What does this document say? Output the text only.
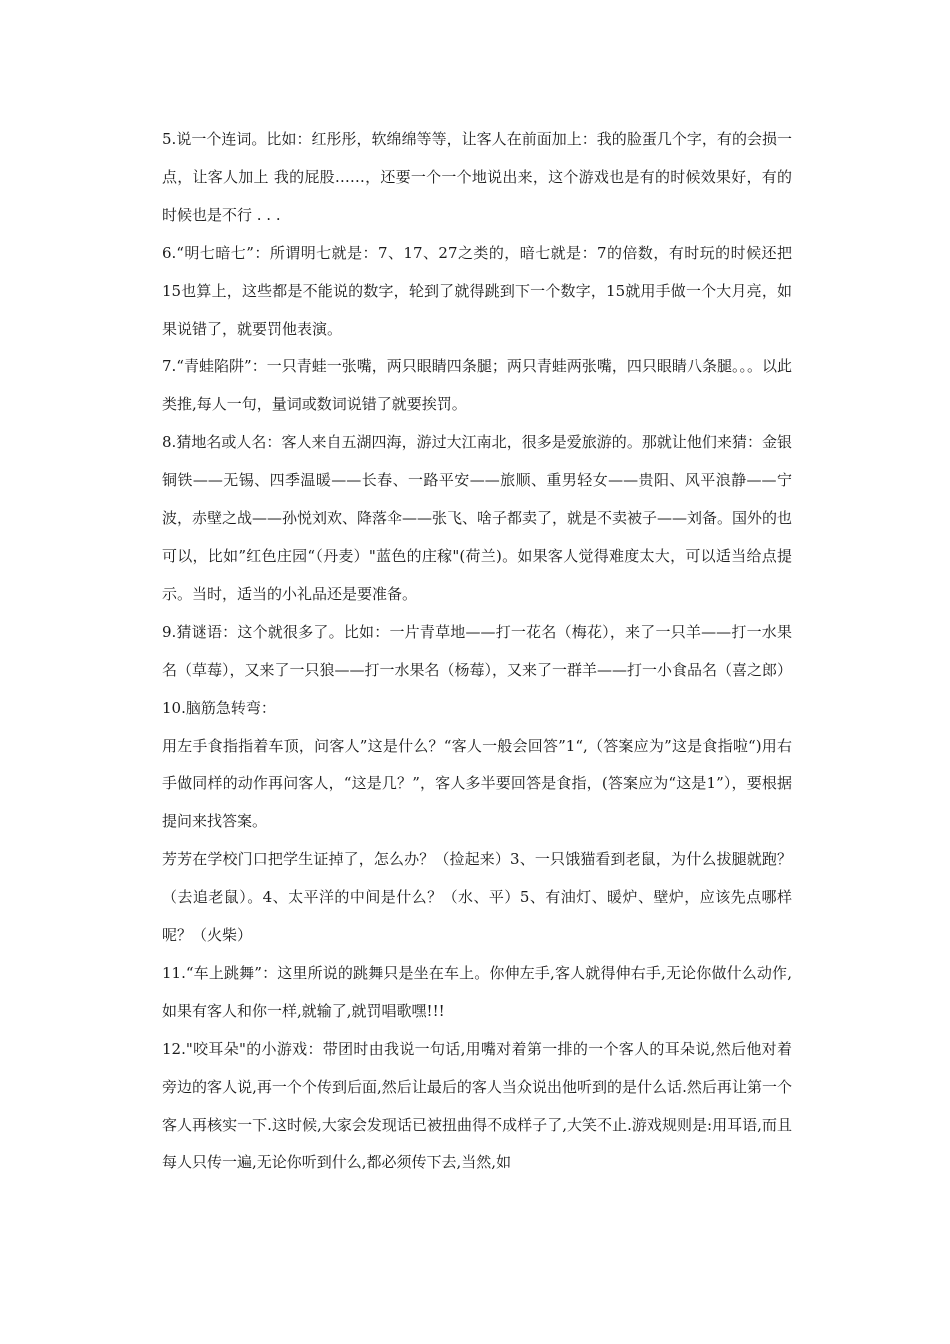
5.说一个连词。比如：红彤彤，软绵绵等等，让客人在前面加上：我的脸蛋几个字，有的会损一点，让客人加上 我的屁股……，还要一个一个地说出来，这个游戏也是有的时候效果好，有的时候也是不行 . . .

6.“明七暗七”：所谓明七就是：7、17、27之类的，暗七就是：7的倍数，有时玩的时候还把15也算上，这些都是不能说的数字，轮到了就得跳到下一个数字，15就用手做一个大月亮，如果说错了，就要罚他表演。

7.“青蛙陷阱”：一只青蛙一张嘴，两只眼睛四条腿；两只青蛙两张嘴，四只眼睛八条腿。。。以此类推,每人一句，量词或数词说错了就要挨罚。

8.猜地名或人名：客人来自五湖四海，游过大江南北，很多是爱旅游的。那就让他们来猜：金银铜铁——无锡、四季温暖——长春、一路平安——旅顺、重男轻女——贵阳、风平浪静——宁波，赤壁之战——孙悦刘欢、降落伞——张飞、啥子都卖了，就是不卖被子——刘备。国外的也可以，比如”红色庄园“（丹麦）"蓝色的庄稼"(荷兰)。如果客人觉得难度太大，可以适当给点提示。当时，适当的小礼品还是要准备。

9.猜谜语：这个就很多了。比如：一片青草地——打一花名（梅花），来了一只羊——打一水果名（草莓），又来了一只狼——打一水果名（杨莓），又来了一群羊——打一小食品名（喜之郎）

10.脑筋急转弯：

用左手食指指着车顶，问客人”这是什么？“客人一般会回答”1“,（答案应为”这是食指啦“)用右手做同样的动作再问客人，“这是几？”，客人多半要回答是食指，(答案应为“这是1”），要根据提问来找答案。

芳芳在学校门口把学生证掉了，怎么办？（捡起来）3、一只饿猫看到老鼠，为什么拔腿就跑？（去追老鼠）。4、太平洋的中间是什么？（水、平）5、有油灯、暖炉、壁炉，应该先点哪样呢？（火柴）

11.“车上跳舞”：这里所说的跳舞只是坐在车上。你伸左手,客人就得伸右手,无论你做什么动作,如果有客人和你一样,就输了,就罚唱歌嘿!!!

12."咬耳朵"的小游戏：带团时由我说一句话,用嘴对着第一排的一个客人的耳朵说,然后他对着旁边的客人说,再一个个传到后面,然后让最后的客人当众说出他听到的是什么话.然后再让第一个客人再核实一下.这时候,大家会发现话已被扭曲得不成样子了,大笑不止.游戏规则是:用耳语,而且每人只传一遍,无论你听到什么,都必须传下去,当然,如
